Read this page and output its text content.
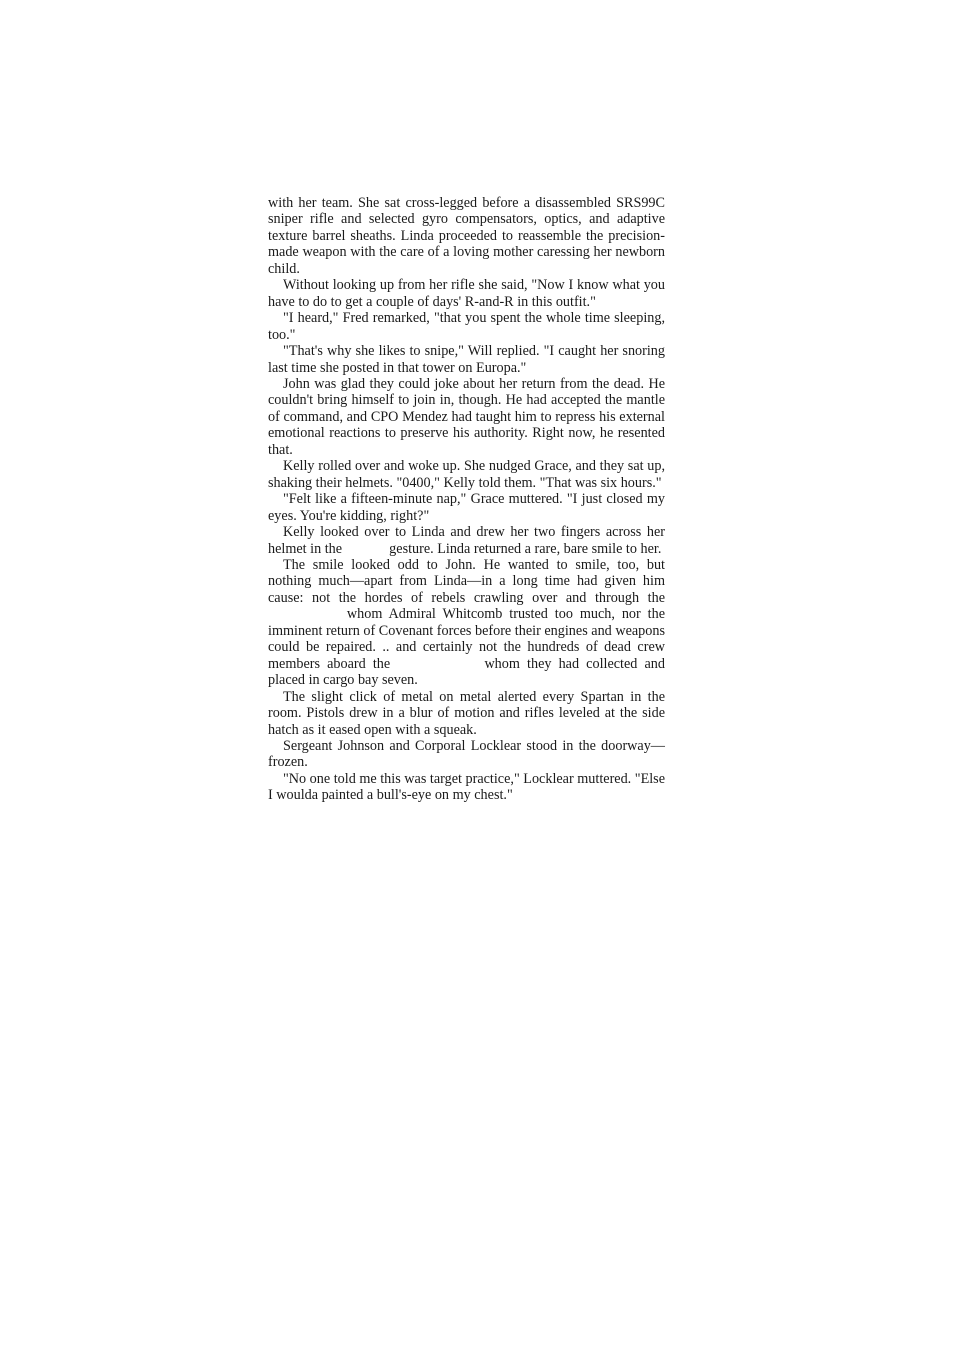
with her team. She sat cross-legged before a disassembled SRS99C sniper rifle and selected gyro compensators, optics, and adaptive texture barrel sheaths. Linda proceeded to reassemble the precision-made weapon with the care of a loving mother caressing her newborn child.

Without looking up from her rifle she said, "Now I know what you have to do to get a couple of days' R-and-R in this outfit."

"I heard," Fred remarked, "that you spent the whole time sleeping, too."

"That's why she likes to snipe," Will replied. "I caught her snoring last time she posted in that tower on Europa."

John was glad they could joke about her return from the dead. He couldn't bring himself to join in, though. He had accepted the mantle of command, and CPO Mendez had taught him to repress his external emotional reactions to preserve his authority. Right now, he resented that.

Kelly rolled over and woke up. She nudged Grace, and they sat up, shaking their helmets. "0400," Kelly told them. "That was six hours."

"Felt like a fifteen-minute nap," Grace muttered. "I just closed my eyes. You're kidding, right?"

Kelly looked over to Linda and drew her two fingers across her helmet in the	gesture. Linda returned a rare, bare smile to her.

The smile looked odd to John. He wanted to smile, too, but nothing much—apart from Linda—in a long time had given him cause: not the hordes of rebels crawling over and through the  whom Admiral Whitcomb trusted too much, nor the imminent return of Covenant forces before their engines and weapons could be repaired. .. and certainly not the hundreds of dead crew members aboard the	whom they had collected and placed in cargo bay seven.

The slight click of metal on metal alerted every Spartan in the room. Pistols drew in a blur of motion and rifles leveled at the side hatch as it eased open with a squeak.

Sergeant Johnson and Corporal Locklear stood in the doorway—frozen.

"No one told me this was target practice," Locklear muttered. "Else I woulda painted a bull's-eye on my chest."
